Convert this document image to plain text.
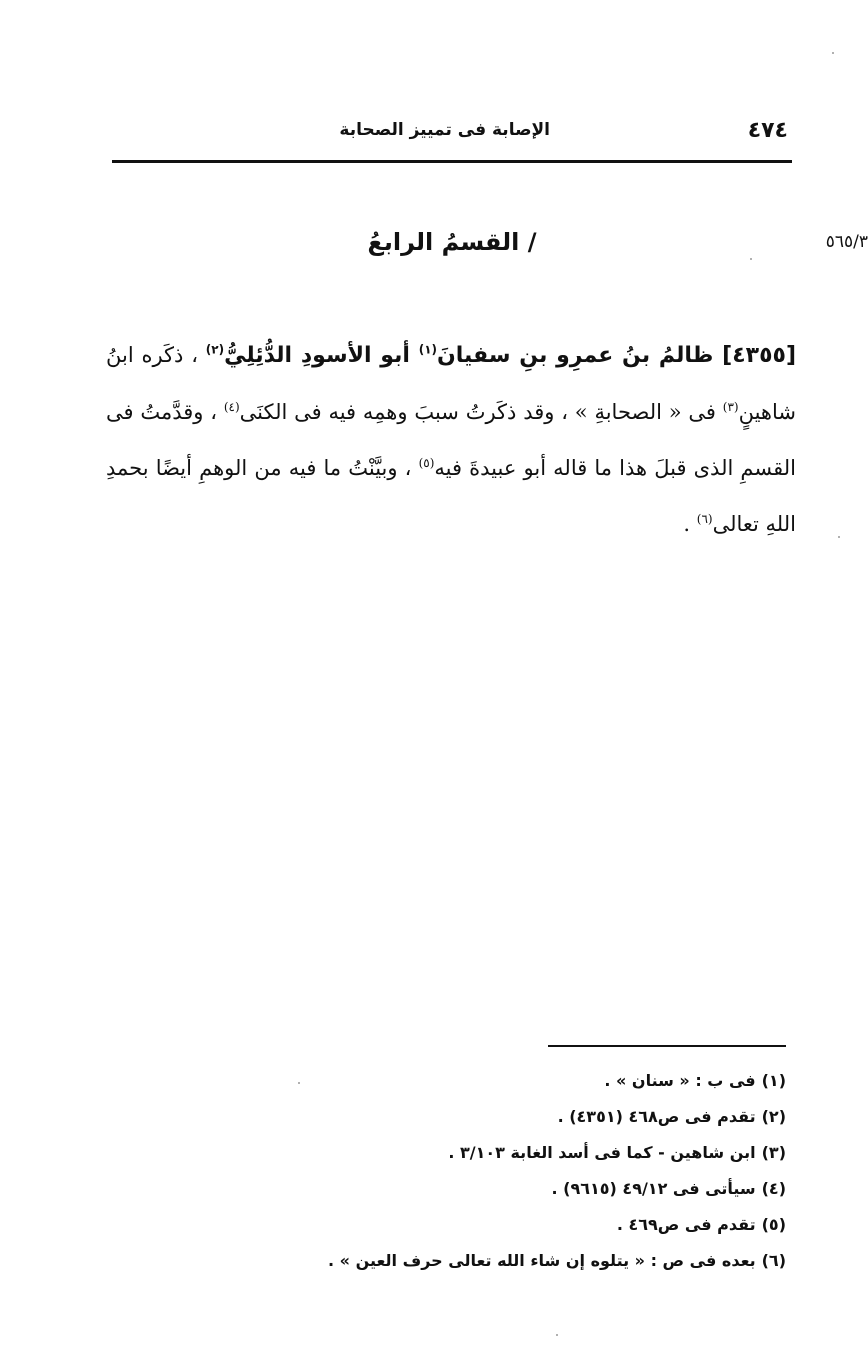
٤٧٤
الإصابة فى تمييز الصحابة
٥٦٥/٣
/ القسمُ الرابعُ

[٤٣٥٥] ظالمُ بنُ عمرِو بنِ سفيانَ$^{(١)}$ أبو الأسودِ الدُّئِلِيُّ$^{(٢)}$ ، ذكَره ابنُ شاهينٍ$^{(٣)}$ فى « الصحابةِ » ، وقد ذكَرتُ سببَ وهمِه فيه فى الكنَى$^{(٤)}$ ، وقدَّمتُ فى القسمِ الذى قبلَ هذا ما قاله أبو عبيدةَ فيه$^{(٥)}$ ، وبيَّنْتُ ما فيه من الوهمِ أيضًا بحمدِ اللهِ تعالى$^{(٦)}$ .

(١)فى ب : « سنان » .
(٢)تقدم فى ص٤٦٨ (٤٣٥١) .
(٣)ابن شاهين - كما فى أسد الغابة ٣/١٠٣ .
(٤)سيأتى فى ٤٩/١٢ (٩٦١٥) .
(٥)تقدم فى ص٤٦٩ .
(٦)بعده فى ص : « يتلوه إن شاء الله تعالى حرف العين » .
